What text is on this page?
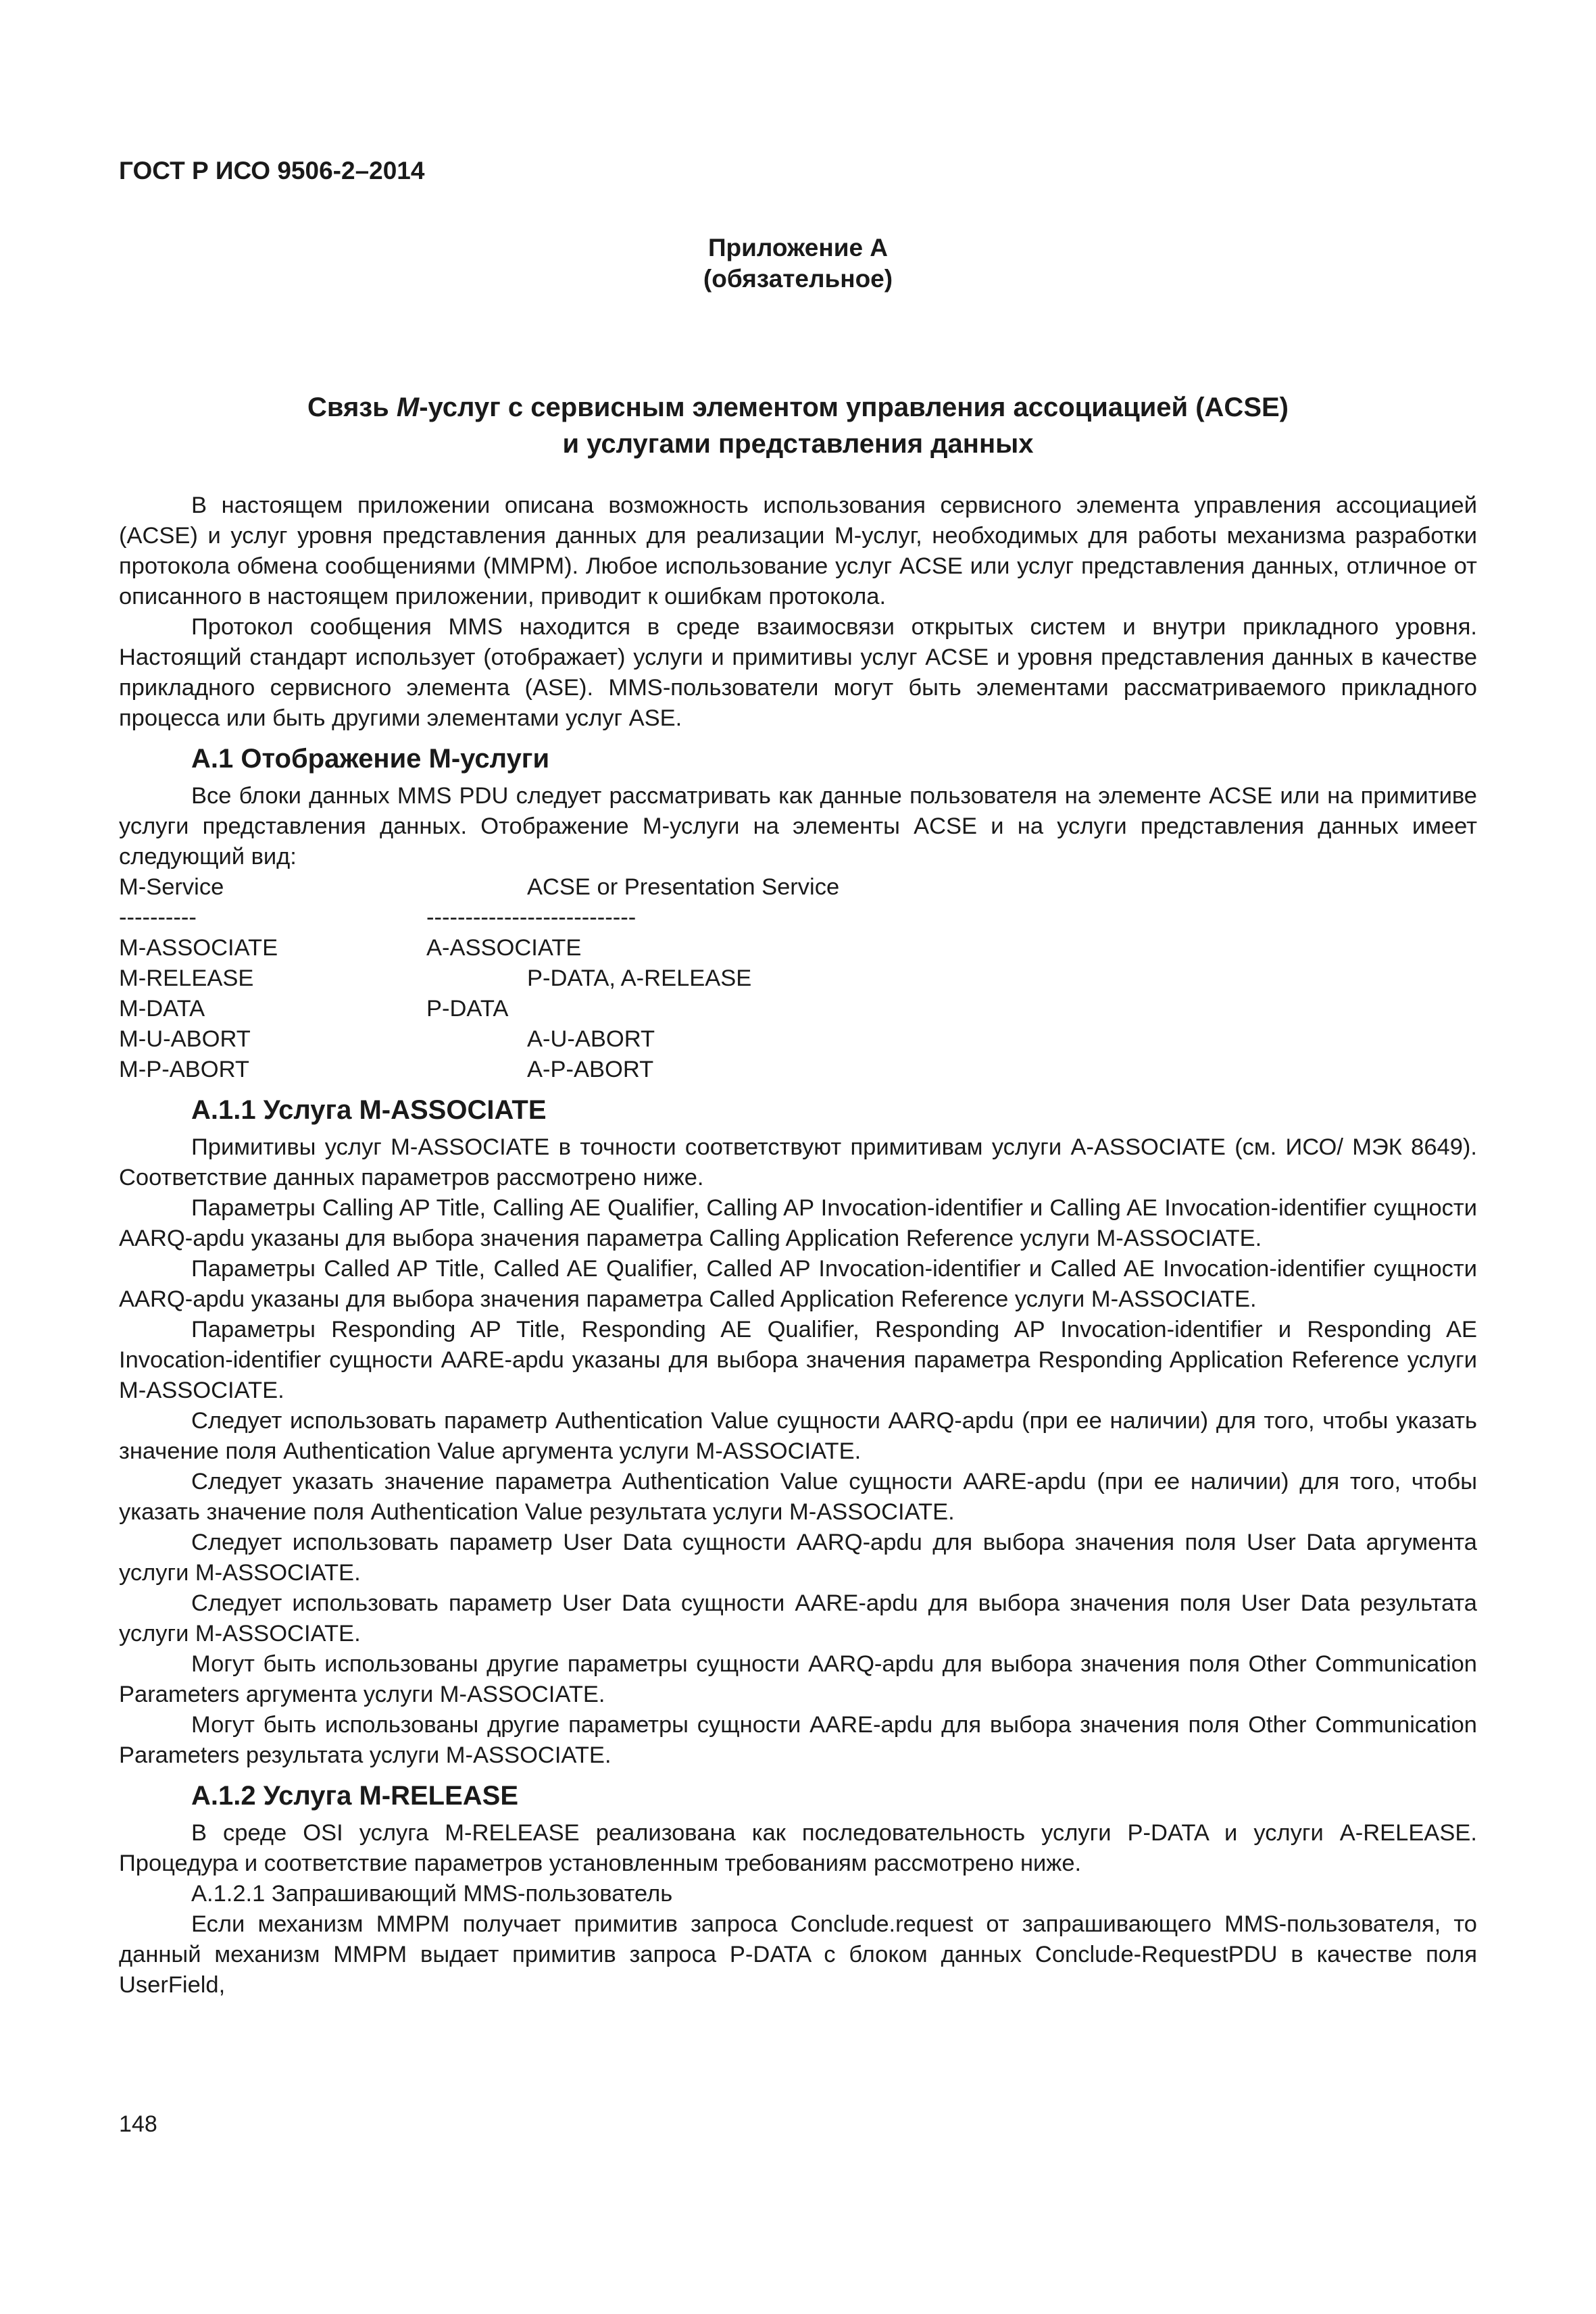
ГОСТ Р ИСО 9506-2–2014
Приложение А
(обязательное)
Связь M-услуг с сервисным элементом управления ассоциацией (ACSE)
и услугами представления данных

В настоящем приложении описана возможность использования сервисного элемента управления ассоциацией (ACSE) и услуг уровня представления данных для реализации M-услуг, необходимых для работы механизма разработки протокола обмена сообщениями (ММРМ). Любое использование услуг ACSE или услуг представления данных, отличное от описанного в настоящем приложении, приводит к ошибкам протокола.

Протокол сообщения MMS находится в среде взаимосвязи открытых систем и внутри прикладного уровня. Настоящий стандарт использует (отображает) услуги и примитивы услуг ACSE и уровня представления данных в качестве прикладного сервисного элемента (ASE). MMS-пользователи могут быть элементами рассматриваемого прикладного процесса или быть другими элементами услуг ASE.

А.1 Отображение M-услуги

Все блоки данных MMS PDU следует рассматривать как данные пользователя на элементе ACSE или на примитиве услуги представления данных. Отображение M-услуги на элементы ACSE и на услуги представления данных имеет следующий вид:

M-Service	ACSE or Presentation Service
----------	---------------------------
M-ASSOCIATE	A-ASSOCIATE
M-RELEASE	P-DATA, A-RELEASE
M-DATA	P-DATA
M-U-ABORT	A-U-ABORT
M-P-ABORT	A-P-ABORT
А.1.1 Услуга M-ASSOCIATE

Примитивы услуг M-ASSOCIATE в точности соответствуют примитивам услуги A-ASSOCIATE (см. ИСО/ МЭК 8649). Соответствие данных параметров рассмотрено ниже.

Параметры Calling AP Title, Calling AE Qualifier, Calling AP Invocation-identifier и Calling AE Invocation-identifier сущности AARQ-apdu указаны для выбора значения параметра Calling Application Reference услуги M-ASSOCIATE.

Параметры Called AP Title, Called AE Qualifier, Called AP Invocation-identifier и Called AE Invocation-identifier сущности AARQ-apdu указаны для выбора значения параметра Called Application Reference услуги M-ASSOCIATE.

Параметры Responding AP Title, Responding AE Qualifier, Responding AP Invocation-identifier и Responding AE Invocation-identifier сущности AARE-apdu указаны для выбора значения параметра Responding Application Reference услуги M-ASSOCIATE.

Следует использовать параметр Authentication Value сущности AARQ-apdu (при ее наличии) для того, чтобы указать значение поля Authentication Value аргумента услуги M-ASSOCIATE.

Следует указать значение параметра Authentication Value сущности AARE-apdu (при ее наличии) для того, чтобы указать значение поля Authentication Value результата услуги M-ASSOCIATE.

Следует использовать параметр User Data сущности AARQ-apdu для выбора значения поля User Data аргумента услуги M-ASSOCIATE.

Следует использовать параметр User Data сущности AARE-apdu для выбора значения поля User Data результата услуги M-ASSOCIATE.

Могут быть использованы другие параметры сущности AARQ-apdu для выбора значения поля Other Communication Parameters аргумента услуги M-ASSOCIATE.

Могут быть использованы другие параметры сущности AARE-apdu для выбора значения поля Other Communication Parameters результата услуги M-ASSOCIATE.

А.1.2 Услуга M-RELEASE

В среде OSI услуга M-RELEASE реализована как последовательность услуги P-DATA и услуги A-RELEASE. Процедура и соответствие параметров установленным требованиям рассмотрено ниже.

А.1.2.1 Запрашивающий MMS-пользователь

Если механизм ММРМ получает примитив запроса Conclude.request от запрашивающего MMS-пользователя, то данный механизм ММРМ выдает примитив запроса P-DATA с блоком данных Conclude-RequestPDU в качестве поля UserField,

148
